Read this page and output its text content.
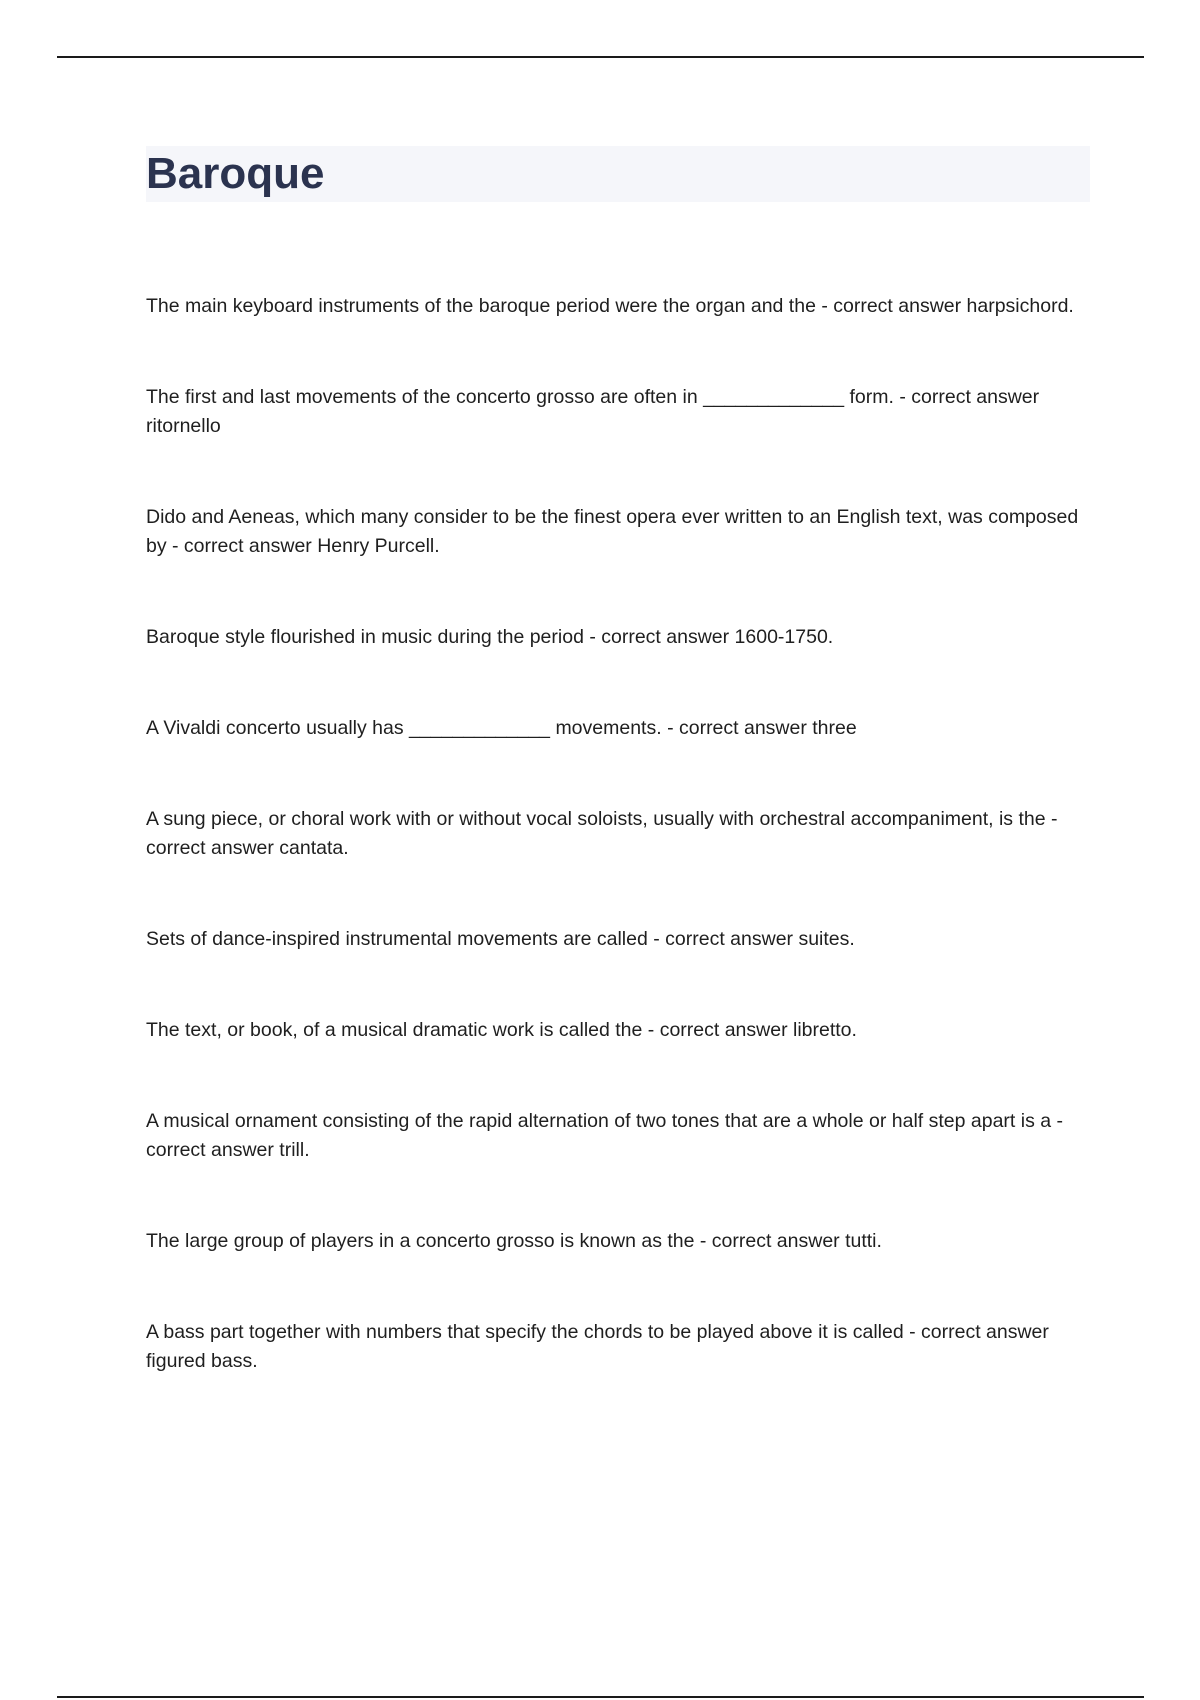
Baroque
The main keyboard instruments of the baroque period were the organ and the - correct answer harpsichord.
The first and last movements of the concerto grosso are often in _____________ form. - correct answer ritornello
Dido and Aeneas, which many consider to be the finest opera ever written to an English text, was composed by - correct answer Henry Purcell.
Baroque style flourished in music during the period - correct answer 1600-1750.
A Vivaldi concerto usually has _____________ movements. - correct answer three
A sung piece, or choral work with or without vocal soloists, usually with orchestral accompaniment, is the - correct answer cantata.
Sets of dance-inspired instrumental movements are called - correct answer suites.
The text, or book, of a musical dramatic work is called the - correct answer libretto.
A musical ornament consisting of the rapid alternation of two tones that are a whole or half step apart is a - correct answer trill.
The large group of players in a concerto grosso is known as the - correct answer tutti.
A bass part together with numbers that specify the chords to be played above it is called - correct answer figured bass.
